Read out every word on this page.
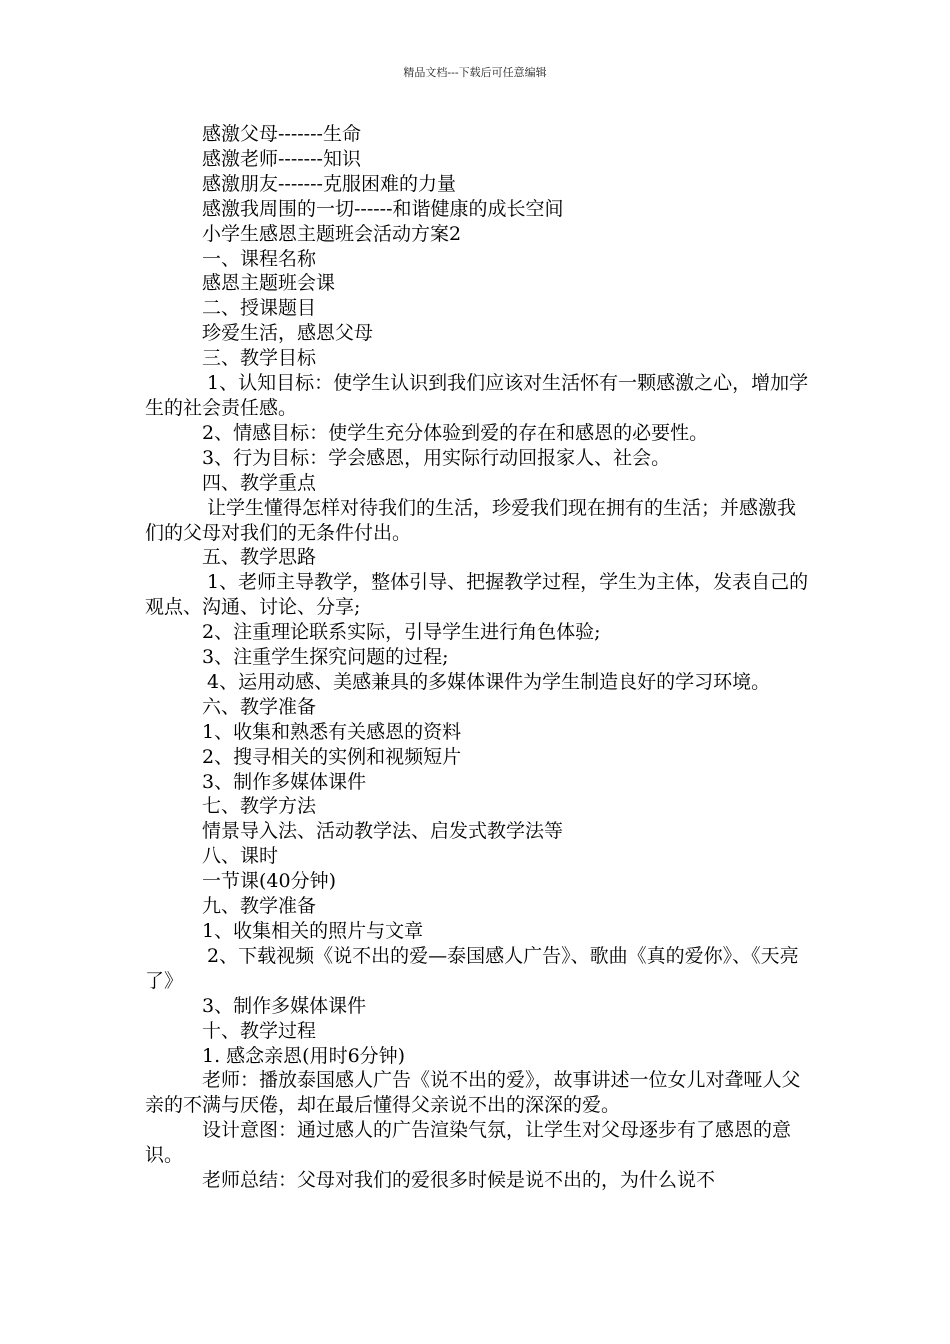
精品文档---下载后可任意编辑

感激父母-------生命

感激老师-------知识

感激朋友-------克服困难的力量

感激我周围的一切------和谐健康的成长空间

小学生感恩主题班会活动方案2

一、课程名称

感恩主题班会课

二、授课题目

珍爱生活，感恩父母

三、教学目标

1、认知目标：使学生认识到我们应该对生活怀有一颗感激之心，增加学生的社会责任感。

2、情感目标：使学生充分体验到爱的存在和感恩的必要性。

3、行为目标：学会感恩，用实际行动回报家人、社会。

四、教学重点

让学生懂得怎样对待我们的生活，珍爱我们现在拥有的生活；并感激我们的父母对我们的无条件付出。

五、教学思路

1、老师主导教学，整体引导、把握教学过程，学生为主体，发表自己的观点、沟通、讨论、分享;

2、注重理论联系实际，引导学生进行角色体验;

3、注重学生探究问题的过程;

4、运用动感、美感兼具的多媒体课件为学生制造良好的学习环境。

六、教学准备

1、收集和熟悉有关感恩的资料

2、搜寻相关的实例和视频短片

3、制作多媒体课件

七、教学方法

情景导入法、活动教学法、启发式教学法等

八、课时

一节课(40分钟)

九、教学准备

1、收集相关的照片与文章

2、下载视频《说不出的爱—泰国感人广告》、歌曲《真的爱你》、《天亮了》

3、制作多媒体课件

十、教学过程

1. 感念亲恩(用时6分钟)

老师：播放泰国感人广告《说不出的爱》，故事讲述一位女儿对聋哑人父亲的不满与厌倦，却在最后懂得父亲说不出的深深的爱。

设计意图：通过感人的广告渲染气氛，让学生对父母逐步有了感恩的意识。

老师总结：父母对我们的爱很多时候是说不出的，为什么说不
